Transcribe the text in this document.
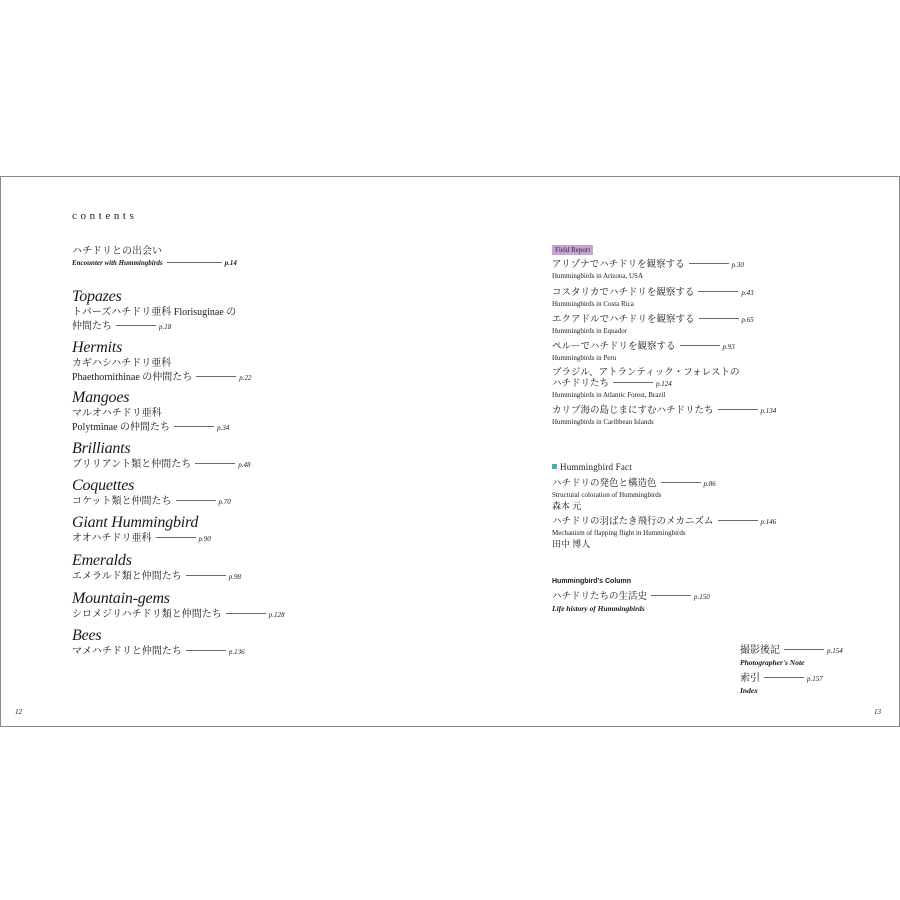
contents
ハチドリとの出会い
Encounter with Hummingbirds	p.14
Topazes
トパーズハチドリ亜科 Florisuginae の
仲間たち	p.18
Hermits
カギハシハチドリ亜科
Phaethornithinae の仲間たち	p.22
Mangoes
マルオハチドリ亜科
Polytminae の仲間たち	p.34
Brilliants
ブリリアント類と仲間たち	p.48
Coquettes
コケット類と仲間たち	p.70
Giant Hummingbird
オオハチドリ亜科	p.90
Emeralds
エメラルド類と仲間たち	p.98
Mountain-gems
シロメジリハチドリ類と仲間たち	p.128
Bees
マメハチドリと仲間たち	p.136
12
Field Report
アリゾナでハチドリを観察する	p.30
Hummingbirds in Arizona, USA
コスタリカでハチドリを観察する	p.43
Hummingbirds in Costa Rica
エクアドルでハチドリを観察する	p.65
Hummingbirds in Equador
ペルーでハチドリを観察する	p.93
Hummingbirds in Peru
ブラジル、アトランティック・フォレストの
ハチドリたち	p.124
Hummingbirds in Atlantic Forest, Brazil
カリブ海の島じまにすむハチドリたち	p.134
Hummingbirds in Caribbean Islands
Hummingbird Fact
ハチドリの発色と構造色	p.86
Structural coloration of Hummingbirds
森本 元
ハチドリの羽ばたき飛行のメカニズム	p.146
Mechanism of flapping flight in Hummingbirds
田中 博人
Hummingbird's Column
ハチドリたちの生活史	p.150
Life history of Hummingbirds
撮影後記	p.154
Photographer's Note
索引	p.157
Index
13
